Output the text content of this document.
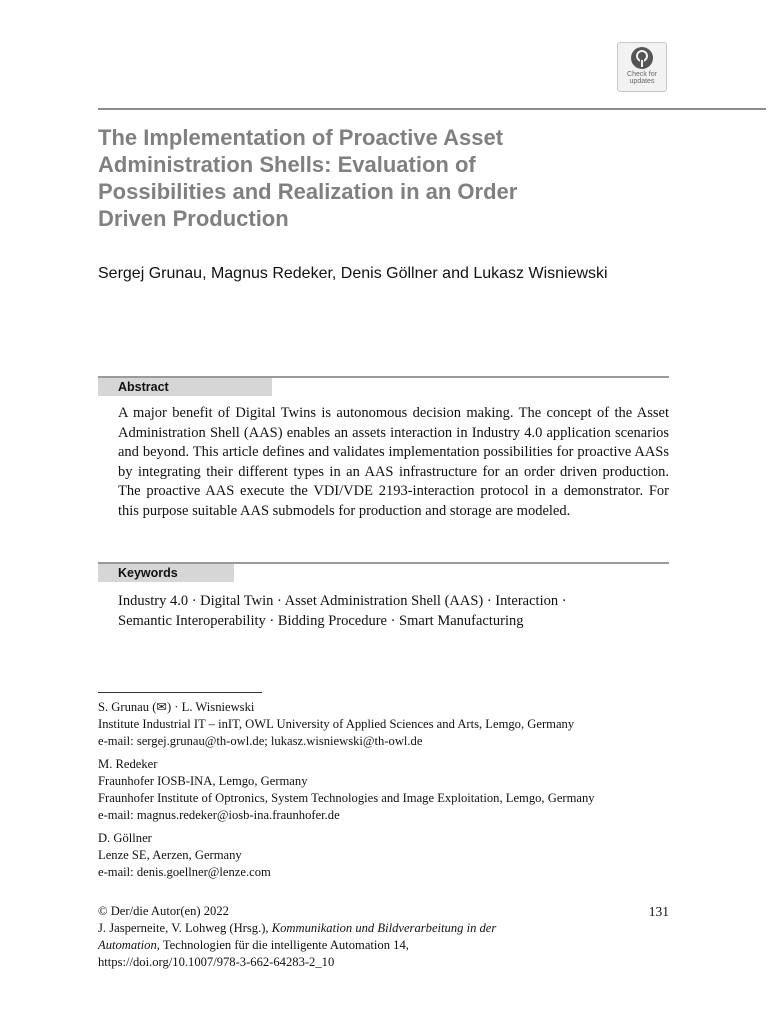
Check for
updates
The Implementation of Proactive Asset
Administration Shells: Evaluation of
Possibilities and Realization in an Order
Driven Production

Sergej Grunau, Magnus Redeker, Denis Göllner and Lukasz Wisniewski

Abstract

A major benefit of Digital Twins is autonomous decision making. The concept of the Asset Administration Shell (AAS) enables an assets interaction in Industry 4.0 application scenarios and beyond. This article defines and validates implementation possibilities for proactive AASs by integrating their different types in an AAS infrastructure for an order driven production. The proactive AAS execute the VDI/VDE 2193-interaction protocol in a demonstrator. For this purpose suitable AAS submodels for production and storage are modeled.

Keywords
Industry 4.0 · Digital Twin · Asset Administration Shell (AAS) · Interaction ·
Semantic Interoperability · Bidding Procedure · Smart Manufacturing
S. Grunau (✉) · L. Wisniewski
Institute Industrial IT – inIT, OWL University of Applied Sciences and Arts, Lemgo, Germany
e-mail: sergej.grunau@th-owl.de; lukasz.wisniewski@th-owl.de
M. Redeker
Fraunhofer IOSB-INA, Lemgo, Germany
Fraunhofer Institute of Optronics, System Technologies and Image Exploitation, Lemgo, Germany
e-mail: magnus.redeker@iosb-ina.fraunhofer.de
D. Göllner
Lenze SE, Aerzen, Germany
e-mail: denis.goellner@lenze.com
© Der/die Autor(en) 2022
J. Jasperneite, V. Lohweg (Hrsg.), Kommunikation und Bildverarbeitung in der
Automation, Technologien für die intelligente Automation 14,
https://doi.org/10.1007/978-3-662-64283-2_10
131
